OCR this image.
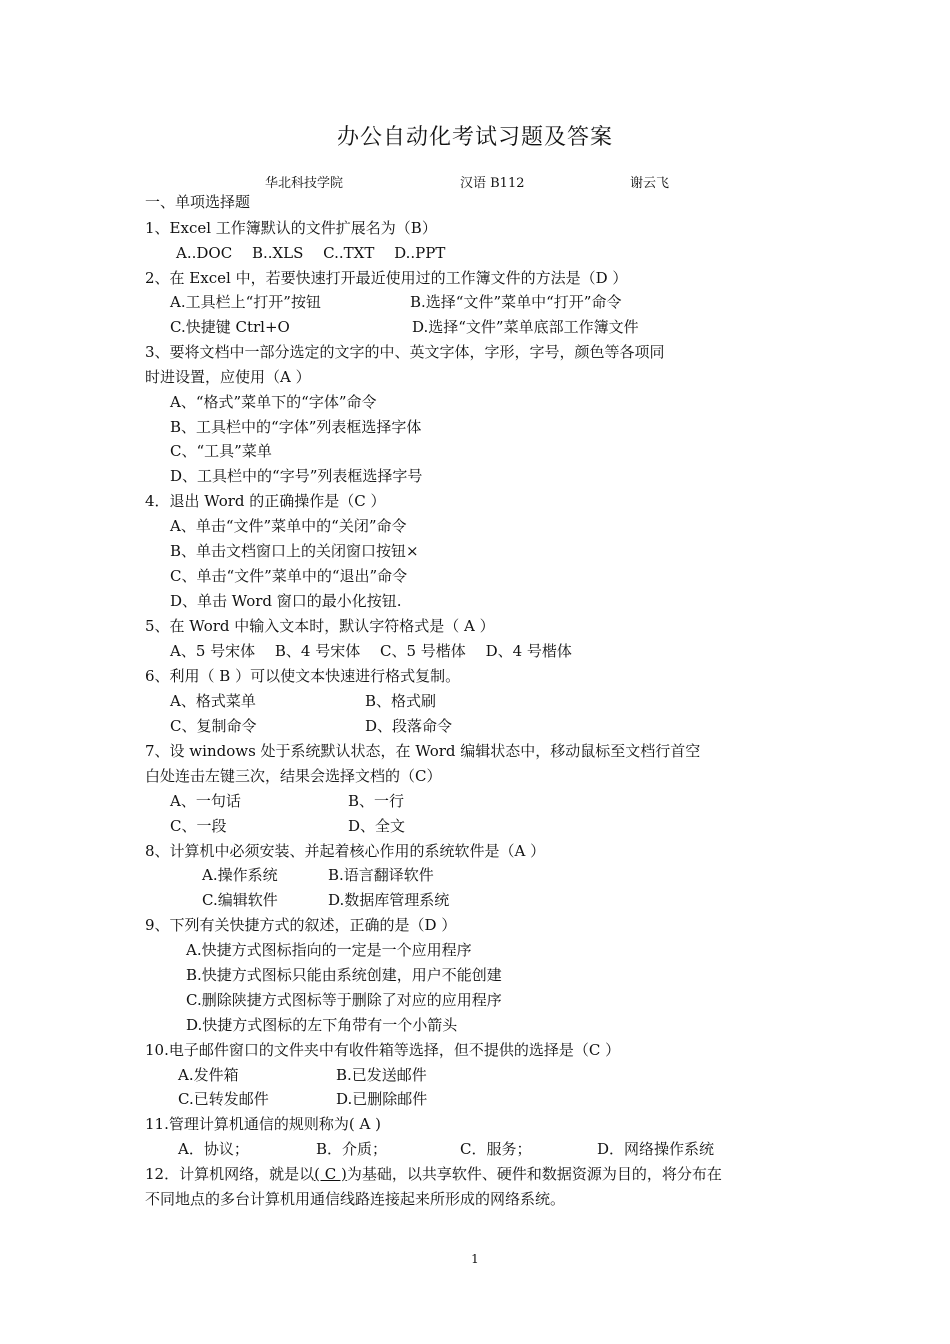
办公自动化考试习题及答案
华北科技学院	汉语 B112	谢云飞
一、单项选择题
1、Excel 工作簿默认的文件扩展名为（B）
A..DOC　 B..XLS　 C..TXT　 D..PPT
2、在 Excel 中，若要快速打开最近使用过的工作簿文件的方法是（D ）
A.工具栏上“打开”按钮	B.选择“文件”菜单中“打开”命令
C.快捷键 Ctrl+O	D.选择“文件”菜单底部工作簿文件
3、要将文档中一部分选定的文字的中、英文字体，字形，字号，颜色等各项同
时进设置，应使用（A ）
A、“格式”菜单下的“字体”命令
B、工具栏中的“字体”列表框选择字体
C、“工具”菜单
D、工具栏中的“字号”列表框选择字号
4．退出 Word 的正确操作是（C ）
A、单击“文件”菜单中的“关闭”命令
B、单击文档窗口上的关闭窗口按钮×
C、单击“文件”菜单中的“退出”命令
D、单击 Word 窗口的最小化按钮.
5、在 Word 中输入文本时，默认字符格式是（ A ）
A、5 号宋体　 B、4 号宋体　 C、5 号楷体　 D、4 号楷体
6、利用（ B ）可以使文本快速进行格式复制。
A、格式菜单	B、格式刷
C、复制命令	D、段落命令
7、设 windows 处于系统默认状态，在 Word 编辑状态中，移动鼠标至文档行首空
白处连击左键三次，结果会选择文档的（C）
A、一句话	B、一行
C、一段	D、全文
8、计算机中必须安装、并起着核心作用的系统软件是（A ）
A.操作系统	B.语言翻译软件
C.编辑软件	D.数据库管理系统
9、下列有关快捷方式的叙述，正确的是（D ）
A.快捷方式图标指向的一定是一个应用程序
B.快捷方式图标只能由系统创建，用户不能创建
C.删除陕捷方式图标等于删除了对应的应用程序
D.快捷方式图标的左下角带有一个小箭头
10.电子邮件窗口的文件夹中有收件箱等选择，但不提供的选择是（C ）
A.发件箱	B.已发送邮件
C.已转发邮件	D.已删除邮件
11.管理计算机通信的规则称为( A )
A．协议；	B．介质；	C．服务；	D．网络操作系统
12．计算机网络，就是以( C )为基础，以共享软件、硬件和数据资源为目的，将分布在
不同地点的多台计算机用通信线路连接起来所形成的网络系统。
1
